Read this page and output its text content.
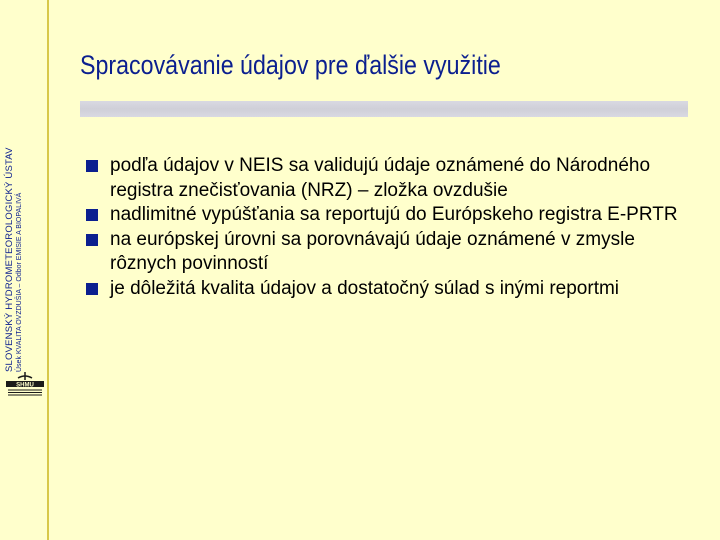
SLOVENSKÝ HYDROMETEOROLOGICKÝ ÚSTAV Úsek KVALITA OVZDUŠIA – Odbor EMISIE A BIOPALIVÁ
SHMU
Spracovávanie údajov pre ďalšie využitie
podľa údajov v NEIS sa validujú údaje oznámené do Národného registra znečisťovania (NRZ) – zložka ovzdušie
nadlimitné vypúšťania sa reportujú do Európskeho registra E-PRTR
na európskej úrovni sa porovnávajú údaje oznámené v zmysle rôznych povinností
je dôležitá kvalita údajov a dostatočný súlad s inými reportmi
